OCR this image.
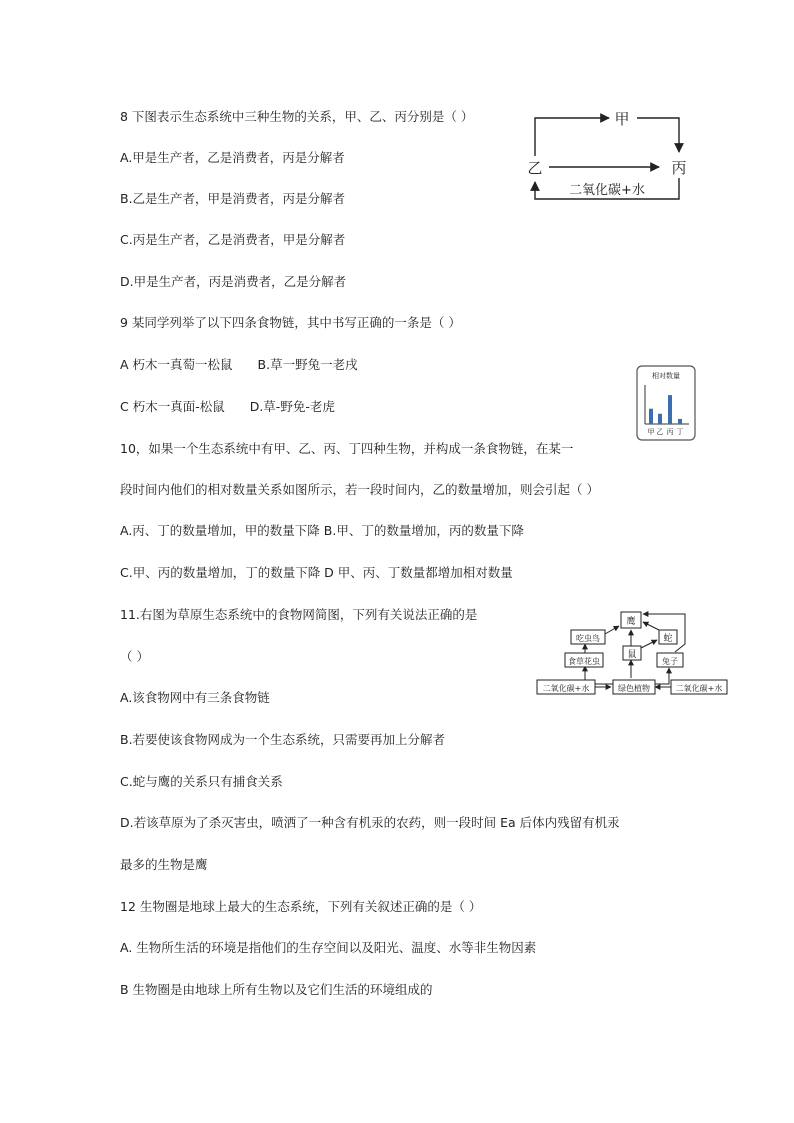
8 下图表示生态系统中三种生物的关系，甲、乙、丙分别是（ ）
A.甲是生产者，乙是消费者，丙是分解者
B.乙是生产者，甲是消费者，丙是分解者
C.丙是生产者，乙是消费者，甲是分解者
D.甲是生产者，丙是消费者，乙是分解者
9 某同学列举了以下四条食物链，其中书写正确的一条是（ ）
A 朽木一真萄一松鼠　　B.草一野兔一老戌
C 朽木一真面-松鼠　　D.草-野免-老虎
10，如果一个生态系统中有甲、乙、丙、丁四种生物，并构成一条食物链，在某一
段时间内他们的相对数量关系如图所示，若一段时间内，乙的数量增加，则会引起（ ）
A.丙、丁的数量增加，甲的数量下降 B.甲、丁的数量增加，丙的数量下降
C.甲、丙的数量增加，丁的数量下降 D 甲、丙、丁数量都增加相对数量
11.右图为草原生态系统中的食物网简图，下列有关说法正确的是
（ ）
A.该食物网中有三条食物链
B.若要使该食物网成为一个生态系统，只需要再加上分解者
C.蛇与鹰的关系只有捕食关系
D.若该草原为了杀灭害虫，喷洒了一种含有机汞的农药，则一段时间 Ea 后体内残留有机汞
最多的生物是鹰
12 生物圈是地球上最大的生态系统，下列有关叙述正确的是（ ）
A. 生物所生活的环境是指他们的生存空间以及阳光、温度、水等非生物因素
B 生物圈是由地球上所有生物以及它们生活的环境组成的
甲
乙	丙
二氧化碳+水
相对数量
甲 乙 丙 丁
鹰
吃虫鸟	蛇
鼠
食草花虫	兔子
二氧化碳+水	绿色植物	二氧化碳+水
